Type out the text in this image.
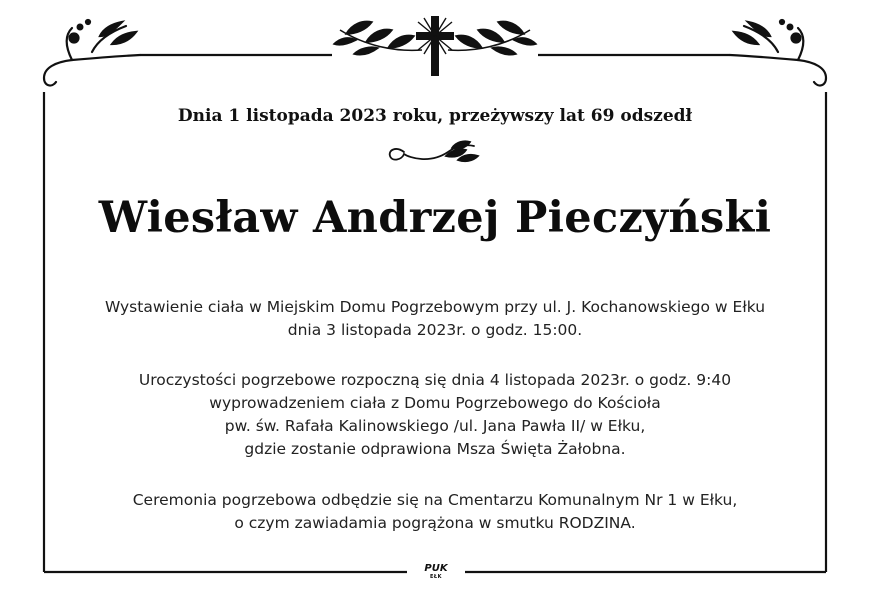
Dnia 1 listopada 2023 roku, przeżywszy lat 69 odszedł
Wiesław Andrzej Pieczyński
Wystawienie ciała w Miejskim Domu Pogrzebowym przy ul. J. Kochanowskiego w Ełku
dnia 3 listopada 2023r. o godz. 15:00.
Uroczystości pogrzebowe rozpoczną się dnia 4 listopada 2023r. o godz. 9:40
wyprowadzeniem ciała z Domu Pogrzebowego do Kościoła
pw. św. Rafała Kalinowskiego /ul. Jana Pawła II/ w Ełku,
gdzie zostanie odprawiona Msza Święta Żałobna.
Ceremonia pogrzebowa odbędzie się na Cmentarzu Komunalnym Nr 1 w Ełku,
o czym zawiadamia pogrążona w smutku RODZINA.
PUK
EŁK
